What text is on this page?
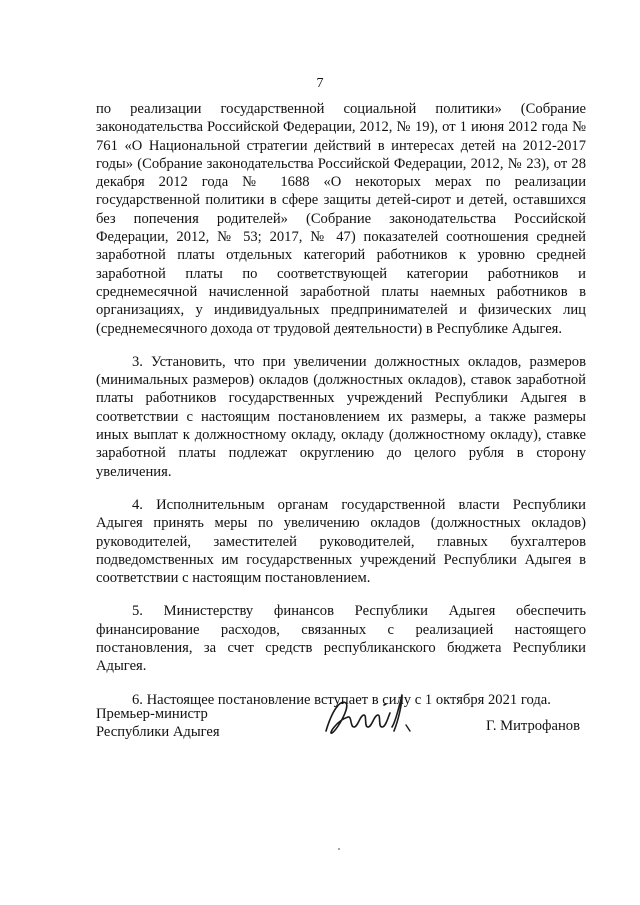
7

по реализации государственной социальной политики» (Собрание законодательства Российской Федерации, 2012, № 19), от 1 июня 2012 года № 761 «О Национальной стратегии действий в интересах детей на 2012-2017 годы» (Собрание законодательства Российской Федерации, 2012, № 23), от 28 декабря 2012 года № 1688 «О некоторых мерах по реализации государственной политики в сфере защиты детей-сирот и детей, оставшихся без попечения родителей» (Собрание законодательства Российской Федерации, 2012, № 53; 2017, № 47) показателей соотношения средней заработной платы отдельных категорий работников к уровню средней заработной платы по соответствующей категории работников и среднемесячной начисленной заработной платы наемных работников в организациях, у индивидуальных предпринимателей и физических лиц (среднемесячного дохода от трудовой деятельности) в Республике Адыгея.

3. Установить, что при увеличении должностных окладов, размеров (минимальных размеров) окладов (должностных окладов), ставок заработной платы работников государственных учреждений Республики Адыгея в соответствии с настоящим постановлением их размеры, а также размеры иных выплат к должностному окладу, окладу (должностному окладу), ставке заработной платы подлежат округлению до целого рубля в сторону увеличения.

4. Исполнительным органам государственной власти Республики Адыгея принять меры по увеличению окладов (должностных окладов) руководителей, заместителей руководителей, главных бухгалтеров подведомственных им государственных учреждений Республики Адыгея в соответствии с настоящим постановлением.

5. Министерству финансов Республики Адыгея обеспечить финансирование расходов, связанных с реализацией настоящего постановления, за счет средств республиканского бюджета Республики Адыгея.

6. Настоящее постановление вступает в силу с 1 октября 2021 года.

Премьер-министр
Республики Адыгея	Г. Митрофанов
